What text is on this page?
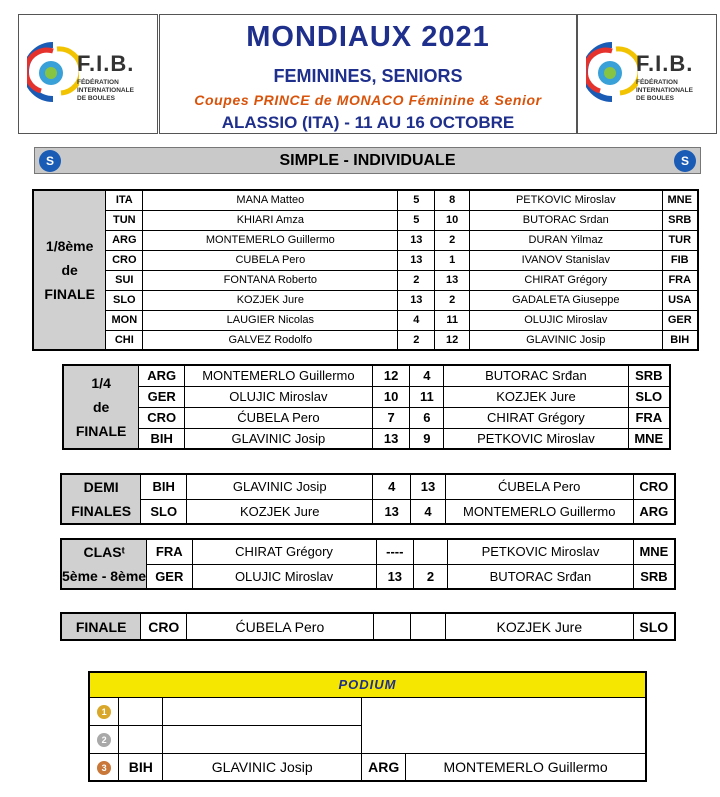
F.I.B.
FÉDÉRATION
INTERNATIONALE
DE BOULES
MONDIAUX 2021
FEMININES, SENIORS
Coupes PRINCE de MONACO Féminine & Senior
ALASSIO (ITA) - 11 AU 16 OCTOBRE
F.I.B.
FÉDÉRATION
INTERNATIONALE
DE BOULES
S	SIMPLE - INDIVIDUALE	S
1/8ème
de
FINALE	ITA	MANA Matteo	5	8	PETKOVIC Miroslav	MNE
	TUN	KHIARI Amza	5	10	BUTORAC Srdan	SRB
	ARG	MONTEMERLO Guillermo	13	2	DURAN Yilmaz	TUR
	CRO	CUBELA Pero	13	1	IVANOV Stanislav	FIB
	SUI	FONTANA Roberto	2	13	CHIRAT Grégory	FRA
	SLO	KOZJEK Jure	13	2	GADALETA Giuseppe	USA
	MON	LAUGIER Nicolas	4	11	OLUJIC Miroslav	GER
	CHI	GALVEZ Rodolfo	2	12	GLAVINIC Josip	BIH
1/4
de
FINALE	ARG	MONTEMERLO Guillermo	12	4	BUTORAC Srđan	SRB
	GER	OLUJIC Miroslav	10	11	KOZJEK Jure	SLO
	CRO	ĆUBELA Pero	7	6	CHIRAT Grégory	FRA
	BIH	GLAVINIC Josip	13	9	PETKOVIC Miroslav	MNE
DEMI
FINALES	BIH	GLAVINIC Josip	4	13	ĆUBELA Pero	CRO
	SLO	KOZJEK Jure	13	4	MONTEMERLO Guillermo	ARG
CLASᵗ
5ème - 8ème	FRA	CHIRAT Grégory	----		PETKOVIC Miroslav	MNE
	GER	OLUJIC Miroslav	13	2	BUTORAC Srđan	SRB
FINALE	CRO	ĆUBELA Pero			KOZJEK Jure	SLO
PODIUM				
1				
2				
3	BIH	GLAVINIC Josip	ARG	MONTEMERLO Guillermo
